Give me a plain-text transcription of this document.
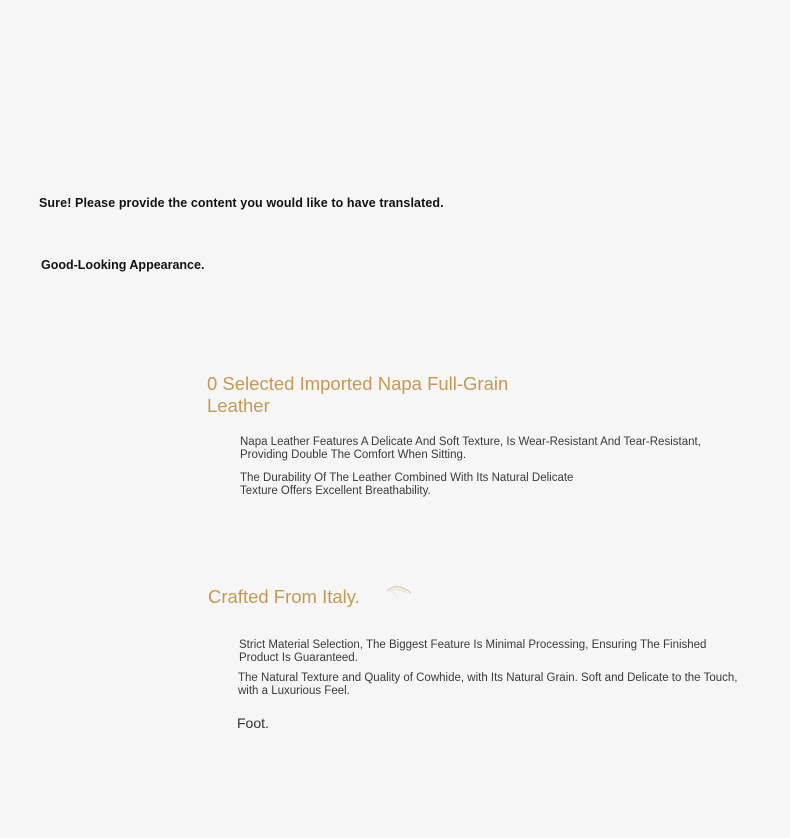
Sure! Please provide the content you would like to have translated.
Good-Looking Appearance.
0 Selected Imported Napa Full-Grain Leather
Napa Leather Features A Delicate And Soft Texture, Is Wear-Resistant And Tear-Resistant, Providing Double The Comfort When Sitting.
The Durability Of The Leather Combined With Its Natural Delicate Texture Offers Excellent Breathability.
Crafted From Italy.
Strict Material Selection, The Biggest Feature Is Minimal Processing, Ensuring The Finished Product Is Guaranteed.
The Natural Texture and Quality of Cowhide, with Its Natural Grain. Soft and Delicate to the Touch, with a Luxurious Feel.
Foot.
